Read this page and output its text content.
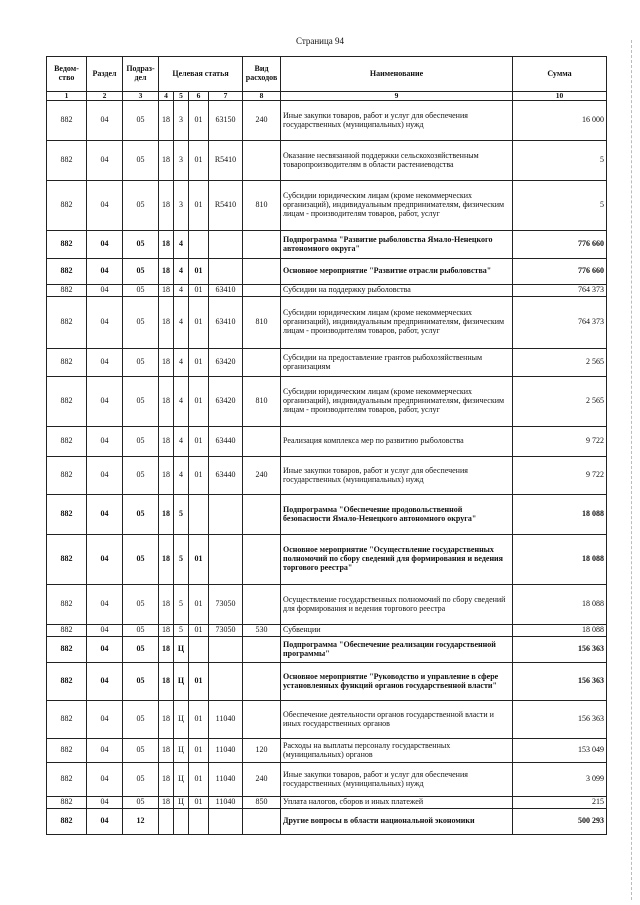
Страница 94
Ведом-ство	Раздел	Подраз-дел	Целевая статья				Вид расходов	Наименование	Сумма
1	2	3	4	5	6	7	8	9	10
882	04	05	18	3	01	63150	240	Иные закупки товаров, работ и услуг для обеспечения государственных (муниципальных) нужд	16 000
882	04	05	18	3	01	R5410		Оказание несвязанной поддержки сельскохозяйственным товаропроизводителям в области растениеводства	5
882	04	05	18	3	01	R5410	810	Субсидии юридическим лицам (кроме некоммерческих организаций), индивидуальным предпринимателям, физическим лицам - производителям товаров, работ, услуг	5
882	04	05	18	4				Подпрограмма "Развитие рыболовства Ямало-Ненецкого автономного округа"	776 660
882	04	05	18	4	01			Основное мероприятие "Развитие отрасли рыболовства"	776 660
882	04	05	18	4	01	63410		Субсидии на поддержку рыболовства	764 373
882	04	05	18	4	01	63410	810	Субсидии юридическим лицам (кроме некоммерческих организаций), индивидуальным предпринимателям, физическим лицам - производителям товаров, работ, услуг	764 373
882	04	05	18	4	01	63420		Субсидии на предоставление грантов рыбохозяйственным организациям	2 565
882	04	05	18	4	01	63420	810	Субсидии юридическим лицам (кроме некоммерческих организаций), индивидуальным предпринимателям, физическим лицам - производителям товаров, работ, услуг	2 565
882	04	05	18	4	01	63440		Реализация комплекса мер по развитию рыболовства	9 722
882	04	05	18	4	01	63440	240	Иные закупки товаров, работ и услуг для обеспечения государственных (муниципальных) нужд	9 722
882	04	05	18	5				Подпрограмма "Обеспечение продовольственной безопасности Ямало-Ненецкого автономного округа"	18 088
882	04	05	18	5	01			Основное мероприятие "Осуществление государственных полномочий по сбору сведений для формирования и ведения торгового реестра"	18 088
882	04	05	18	5	01	73050		Осуществление государственных полномочий по сбору сведений для формирования и ведения торгового реестра	18 088
882	04	05	18	5	01	73050	530	Субвенции	18 088
882	04	05	18	Ц				Подпрограмма "Обеспечение реализации государственной программы"	156 363
882	04	05	18	Ц	01			Основное мероприятие "Руководство и управление в сфере установленных функций органов государственной власти"	156 363
882	04	05	18	Ц	01	11040		Обеспечение деятельности органов государственной власти и иных государственных органов	156 363
882	04	05	18	Ц	01	11040	120	Расходы на выплаты персоналу государственных (муниципальных) органов	153 049
882	04	05	18	Ц	01	11040	240	Иные закупки товаров, работ и услуг для обеспечения государственных (муниципальных) нужд	3 099
882	04	05	18	Ц	01	11040	850	Уплата налогов, сборов и иных платежей	215
882	04	12						Другие вопросы в области национальной экономики	500 293
